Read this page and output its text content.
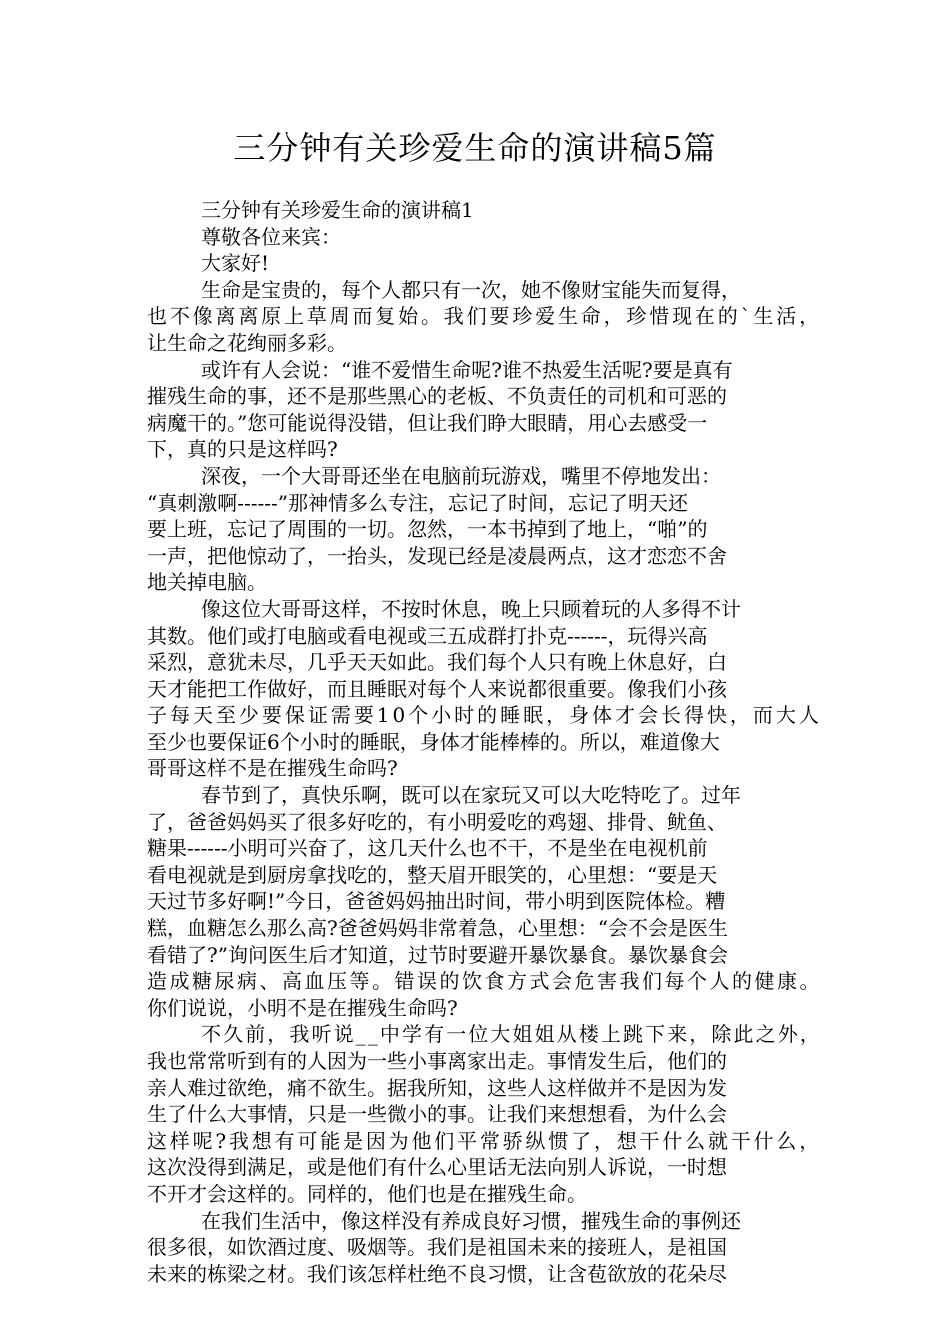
三分钟有关珍爱生命的演讲稿5篇
三分钟有关珍爱生命的演讲稿1
尊敬各位来宾：
大家好!
生命是宝贵的，每个人都只有一次，她不像财宝能失而复得，
也不像离离原上草周而复始。我们要珍爱生命，珍惜现在的`生活，
让生命之花绚丽多彩。
或许有人会说：“谁不爱惜生命呢?谁不热爱生活呢?要是真有
摧残生命的事，还不是那些黑心的老板、不负责任的司机和可恶的
病魔干的。”您可能说得没错，但让我们睁大眼睛，用心去感受一
下，真的只是这样吗?
深夜，一个大哥哥还坐在电脑前玩游戏，嘴里不停地发出：
“真刺激啊------”那神情多么专注，忘记了时间，忘记了明天还
要上班，忘记了周围的一切。忽然，一本书掉到了地上，“啪”的
一声，把他惊动了，一抬头，发现已经是凌晨两点，这才恋恋不舍
地关掉电脑。
像这位大哥哥这样，不按时休息，晚上只顾着玩的人多得不计
其数。他们或打电脑或看电视或三五成群打扑克------，玩得兴高
采烈，意犹未尽，几乎天天如此。我们每个人只有晚上休息好，白
天才能把工作做好，而且睡眠对每个人来说都很重要。像我们小孩
子每天至少要保证需要10个小时的睡眠，身体才会长得快，而大人
至少也要保证6个小时的睡眠，身体才能棒棒的。所以，难道像大
哥哥这样不是在摧残生命吗?
春节到了，真快乐啊，既可以在家玩又可以大吃特吃了。过年
了，爸爸妈妈买了很多好吃的，有小明爱吃的鸡翅、排骨、鱿鱼、
糖果------小明可兴奋了，这几天什么也不干，不是坐在电视机前
看电视就是到厨房拿找吃的，整天眉开眼笑的，心里想：“要是天
天过节多好啊!”今日，爸爸妈妈抽出时间，带小明到医院体检。糟
糕，血糖怎么那么高?爸爸妈妈非常着急，心里想：“会不会是医生
看错了?”询问医生后才知道，过节时要避开暴饮暴食。暴饮暴食会
造成糖尿病、高血压等。错误的饮食方式会危害我们每个人的健康。
你们说说，小明不是在摧残生命吗?
不久前，我听说__中学有一位大姐姐从楼上跳下来，除此之外，
我也常常听到有的人因为一些小事离家出走。事情发生后，他们的
亲人难过欲绝，痛不欲生。据我所知，这些人这样做并不是因为发
生了什么大事情，只是一些微小的事。让我们来想想看，为什么会
这样呢?我想有可能是因为他们平常骄纵惯了，想干什么就干什么，
这次没得到满足，或是他们有什么心里话无法向别人诉说，一时想
不开才会这样的。同样的，他们也是在摧残生命。
在我们生活中，像这样没有养成良好习惯，摧残生命的事例还
很多很，如饮酒过度、吸烟等。我们是祖国未来的接班人，是祖国
未来的栋梁之材。我们该怎样杜绝不良习惯，让含苞欲放的花朵尽
